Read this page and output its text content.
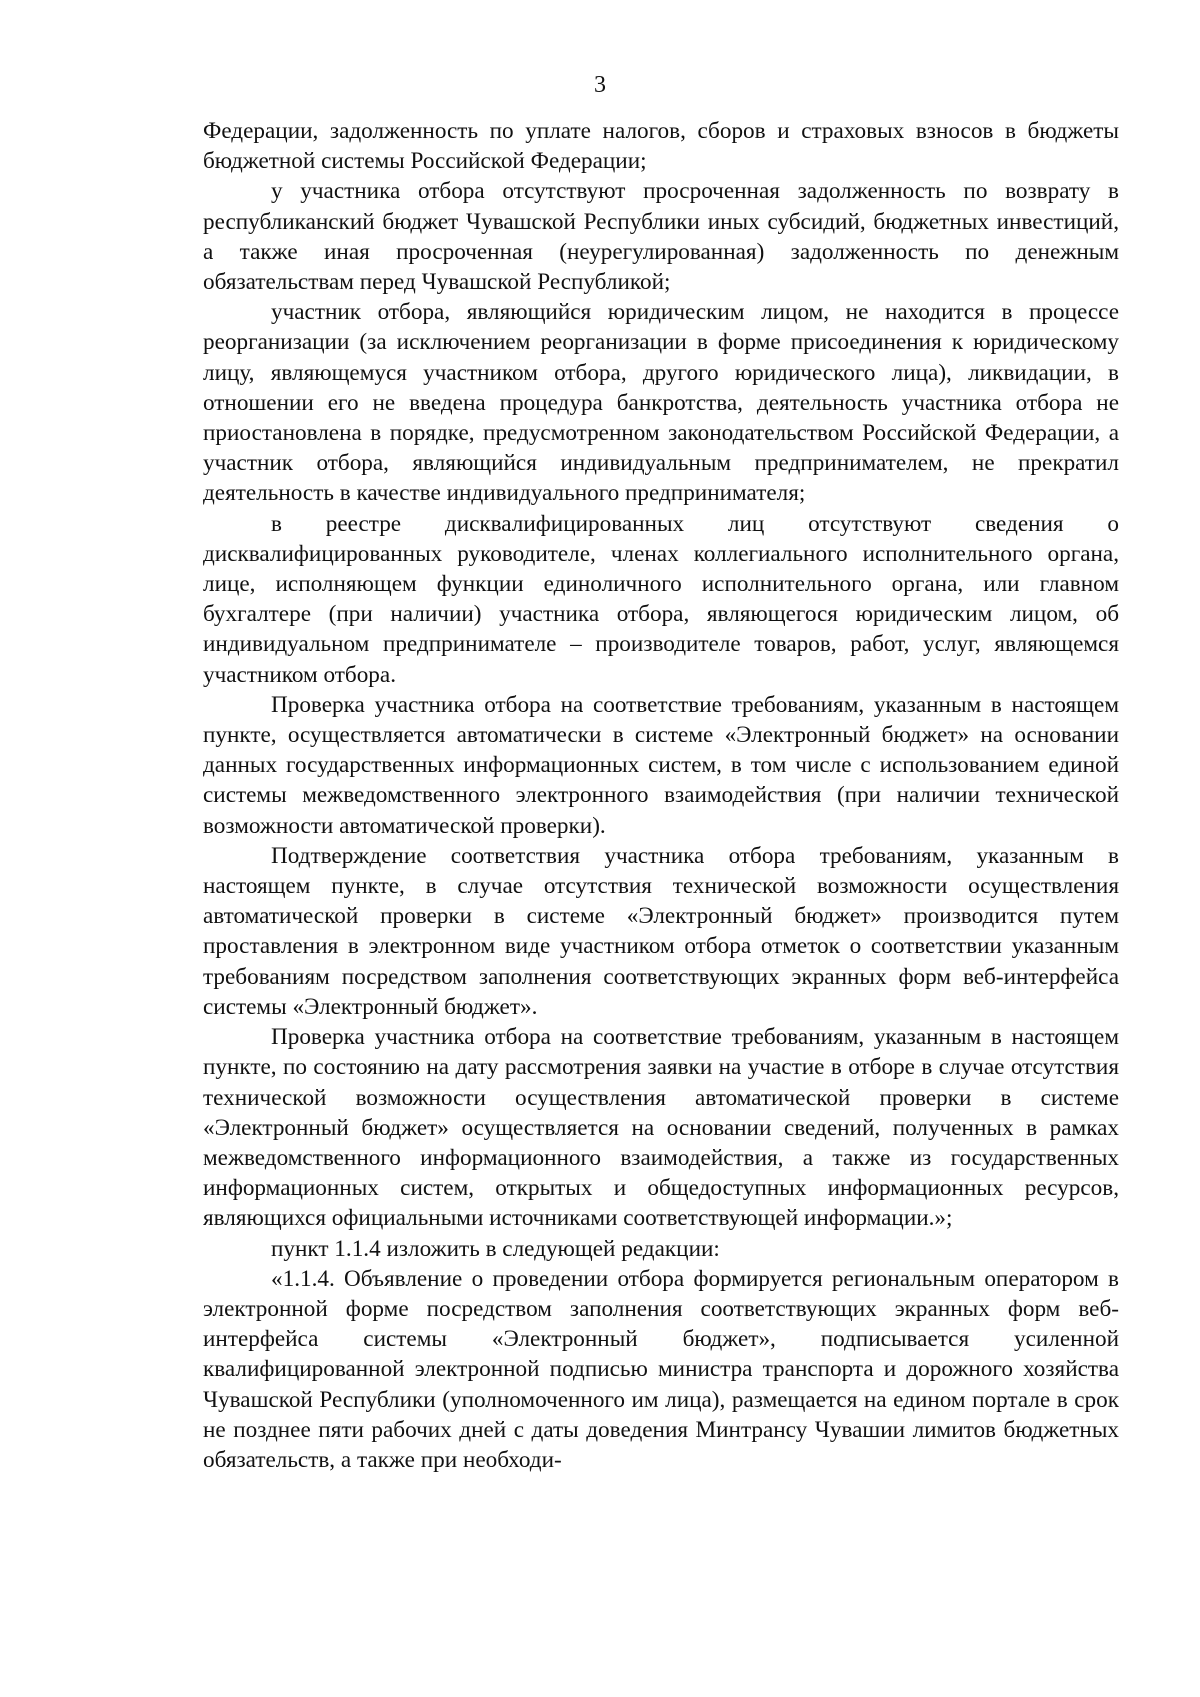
3

Федерации, задолженность по уплате налогов, сборов и страховых взносов в бюджеты бюджетной системы Российской Федерации;

у участника отбора отсутствуют просроченная задолженность по возврату в республиканский бюджет Чувашской Республики иных субсидий, бюджетных инвестиций, а также иная просроченная (неурегулированная) задолженность по денежным обязательствам перед Чувашской Республикой;

участник отбора, являющийся юридическим лицом, не находится в процессе реорганизации (за исключением реорганизации в форме присоединения к юридическому лицу, являющемуся участником отбора, другого юридического лица), ликвидации, в отношении его не введена процедура банкротства, деятельность участника отбора не приостановлена в порядке, предусмотренном законодательством Российской Федерации, а участник отбора, являющийся индивидуальным предпринимателем, не прекратил деятельность в качестве индивидуального предпринимателя;

в реестре дисквалифицированных лиц отсутствуют сведения о дисквалифицированных руководителе, членах коллегиального исполнительного органа, лице, исполняющем функции единоличного исполнительного органа, или главном бухгалтере (при наличии) участника отбора, являющегося юридическим лицом, об индивидуальном предпринимателе – производителе товаров, работ, услуг, являющемся участником отбора.

Проверка участника отбора на соответствие требованиям, указанным в настоящем пункте, осуществляется автоматически в системе «Электронный бюджет» на основании данных государственных информационных систем, в том числе с использованием единой системы межведомственного электронного взаимодействия (при наличии технической возможности автоматической проверки).

Подтверждение соответствия участника отбора требованиям, указанным в настоящем пункте, в случае отсутствия технической возможности осуществления автоматической проверки в системе «Электронный бюджет» производится путем проставления в электронном виде участником отбора отметок о соответствии указанным требованиям посредством заполнения соответствующих экранных форм веб-интерфейса системы «Электронный бюджет».

Проверка участника отбора на соответствие требованиям, указанным в настоящем пункте, по состоянию на дату рассмотрения заявки на участие в отборе в случае отсутствия технической возможности осуществления автоматической проверки в системе «Электронный бюджет» осуществляется на основании сведений, полученных в рамках межведомственного информационного взаимодействия, а также из государственных информационных систем, открытых и общедоступных информационных ресурсов, являющихся официальными источниками соответствующей информации.»;

пункт 1.1.4 изложить в следующей редакции:

«1.1.4. Объявление о проведении отбора формируется региональным оператором в электронной форме посредством заполнения соответствующих экранных форм веб-интерфейса системы «Электронный бюджет», подписывается усиленной квалифицированной электронной подписью министра транспорта и дорожного хозяйства Чувашской Республики (уполномоченного им лица), размещается на едином портале в срок не позднее пяти рабочих дней с даты доведения Минтрансу Чувашии лимитов бюджетных обязательств, а также при необходи-
